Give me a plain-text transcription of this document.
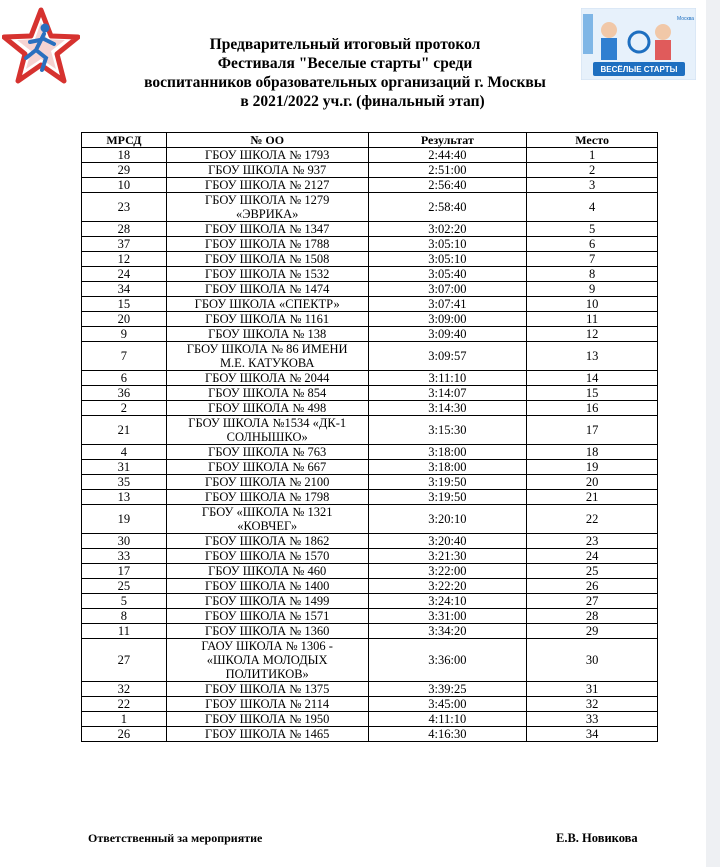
Москва
ВЕСЁЛЫЕ СТАРТЫ
Предварительный итоговый протокол
Фестиваля "Веселые старты" среди
воспитанников образовательных организаций г. Москвы
в 2021/2022 уч.г. (финальный этап)
МРСД	№ ОО	Результат	Место
18	ГБОУ ШКОЛА № 1793	2:44:40	1
29	ГБОУ ШКОЛА № 937	2:51:00	2
10	ГБОУ ШКОЛА № 2127	2:56:40	3
23	ГБОУ ШКОЛА № 1279
«ЭВРИКА»	2:58:40	4
28	ГБОУ ШКОЛА № 1347	3:02:20	5
37	ГБОУ ШКОЛА № 1788	3:05:10	6
12	ГБОУ ШКОЛА № 1508	3:05:10	7
24	ГБОУ ШКОЛА № 1532	3:05:40	8
34	ГБОУ ШКОЛА № 1474	3:07:00	9
15	ГБОУ ШКОЛА «СПЕКТР»	3:07:41	10
20	ГБОУ ШКОЛА № 1161	3:09:00	11
9	ГБОУ ШКОЛА № 138	3:09:40	12
7	ГБОУ ШКОЛА № 86 ИМЕНИ
М.Е. КАТУКОВА	3:09:57	13
6	ГБОУ ШКОЛА № 2044	3:11:10	14
36	ГБОУ ШКОЛА № 854	3:14:07	15
2	ГБОУ ШКОЛА № 498	3:14:30	16
21	ГБОУ ШКОЛА №1534 «ДК-1
СОЛНЫШКО»	3:15:30	17
4	ГБОУ ШКОЛА № 763	3:18:00	18
31	ГБОУ ШКОЛА № 667	3:18:00	19
35	ГБОУ ШКОЛА № 2100	3:19:50	20
13	ГБОУ ШКОЛА № 1798	3:19:50	21
19	ГБОУ «ШКОЛА № 1321
«КОВЧЕГ»	3:20:10	22
30	ГБОУ ШКОЛА № 1862	3:20:40	23
33	ГБОУ ШКОЛА № 1570	3:21:30	24
17	ГБОУ ШКОЛА № 460	3:22:00	25
25	ГБОУ ШКОЛА № 1400	3:22:20	26
5	ГБОУ ШКОЛА № 1499	3:24:10	27
8	ГБОУ ШКОЛА № 1571	3:31:00	28
11	ГБОУ ШКОЛА № 1360	3:34:20	29
27	ГАОУ ШКОЛА № 1306 -
«ШКОЛА МОЛОДЫХ
ПОЛИТИКОВ»	3:36:00	30
32	ГБОУ ШКОЛА № 1375	3:39:25	31
22	ГБОУ ШКОЛА № 2114	3:45:00	32
1	ГБОУ ШКОЛА № 1950	4:11:10	33
26	ГБОУ ШКОЛА № 1465	4:16:30	34
Ответственный за мероприятие	Е.В. Новикова
